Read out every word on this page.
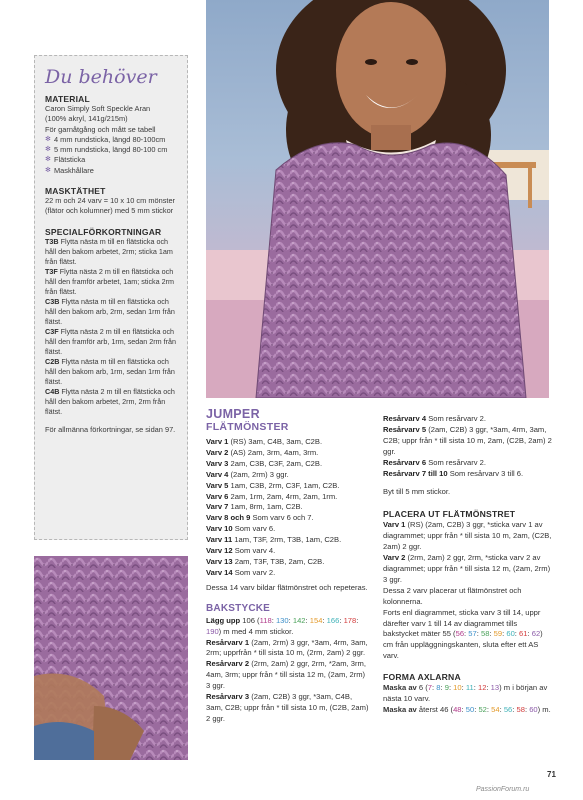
Du behöver
MATERIAL
Caron Simply Soft Speckle Aran
(100% akryl, 141g/215m)
För garnåtgång och mått se tabell
✻ 4 mm rundsticka, längd 80-100cm
✻ 5 mm rundsticka, längd 80-100 cm
✻ Flätsticka
✻ Maskhållare
MASKTÄTHET
22 m och 24 varv = 10 x 10 cm mönster (flätor och kolumner) med 5 mm stickor
SPECIALFÖRKORTNINGAR
T3B Flytta nästa m till en flätsticka och håll den bakom arbetet, 2rm; sticka 1am från flätst.
T3F Flytta nästa 2 m till en flätsticka och håll den framför arbetet, 1am; sticka 2rm från flätst.
C3B Flytta nästa m till en flätsticka och håll den bakom arb, 2rm, sedan 1rm från flätst.
C3F Flytta nästa 2 m till en flätsticka och håll den framför arb, 1rm, sedan 2rm från flätst.
C2B Flytta nästa m till en flätsticka och håll den bakom arb, 1rm, sedan 1rm från flätst.
C4B Flytta nästa 2 m till en flätsticka och håll den bakom arbetet, 2rm, 2rm från flätst.
För allmänna förkortningar, se sidan 97.
JUMPER
FLÄTMÖNSTER
Varv 1 (RS) 3am, C4B, 3am, C2B.
Varv 2 (AS) 2am, 3rm, 4am, 3rm.
Varv 3 2am, C3B, C3F, 2am, C2B.
Varv 4 (2am, 2rm) 3 ggr.
Varv 5 1am, C3B, 2rm, C3F, 1am, C2B.
Varv 6 2am, 1rm, 2am, 4rm, 2am, 1rm.
Varv 7 1am, 8rm, 1am, C2B.
Varv 8 och 9 Som varv 6 och 7.
Varv 10 Som varv 6.
Varv 11 1am, T3F, 2rm, T3B, 1am, C2B.
Varv 12 Som varv 4.
Varv 13 2am, T3F, T3B, 2am, C2B.
Varv 14 Som varv 2.
Dessa 14 varv bildar flätmönstret och repeteras.
BAKSTYCKE
Lägg upp 106 (118: 130: 142: 154: 166: 178: 190) m med 4 mm stickor.
Resårvarv 1 (2am, 2rm) 3 ggr, *3am, 4rm, 3am, 2rm; upprfrån * till sista 10 m, (2rm, 2am) 2 ggr.
Resårvarv 2 (2rm, 2am) 2 ggr, 2rm, *2am, 3rm, 4am, 3rm; uppr från * till sista 12 m, (2am, 2rm) 3 ggr.
Resårvarv 3 (2am, C2B) 3 ggr, *3am, C4B, 3am, C2B; uppr från * till sista 10 m, (C2B, 2am) 2 ggr.
Resårvarv 4 Som resårvarv 2.
Resårvarv 5 (2am, C2B) 3 ggr, *3am, 4rm, 3am, C2B; uppr från * till sista 10 m, 2am, (C2B, 2am) 2 ggr.
Resårvarv 6 Som resårvarv 2.
Resårvarv 7 till 10 Som resårvarv 3 till 6.
Byt till 5 mm stickor.
PLACERA UT FLÄTMÖNSTRET
Varv 1 (RS) (2am, C2B) 3 ggr, *sticka varv 1 av diagrammet; uppr från * till sista 10 m, 2am, (C2B, 2am) 2 ggr.
Varv 2 (2rm, 2am) 2 ggr, 2rm, *sticka varv 2 av diagrammet; uppr från * till sista 12 m, (2am, 2rm) 3 ggr.
Dessa 2 varv placerar ut flätmönstret och kolonnerna.
Forts enl diagrammet, sticka varv 3 till 14, uppr därefter varv 1 till 14 av diagrammet tills bakstycket mäter 55 (56: 57: 58: 59: 60: 61: 62) cm från uppläggningskanten, sluta efter ett AS varv.
FORMA AXLARNA
Maska av 6 (7: 8: 9: 10: 11: 12: 13) m i början av nästa 10 varv.
Maska av återst 46 (48: 50: 52: 54: 56: 58: 60) m.
71
PassionForum.ru
